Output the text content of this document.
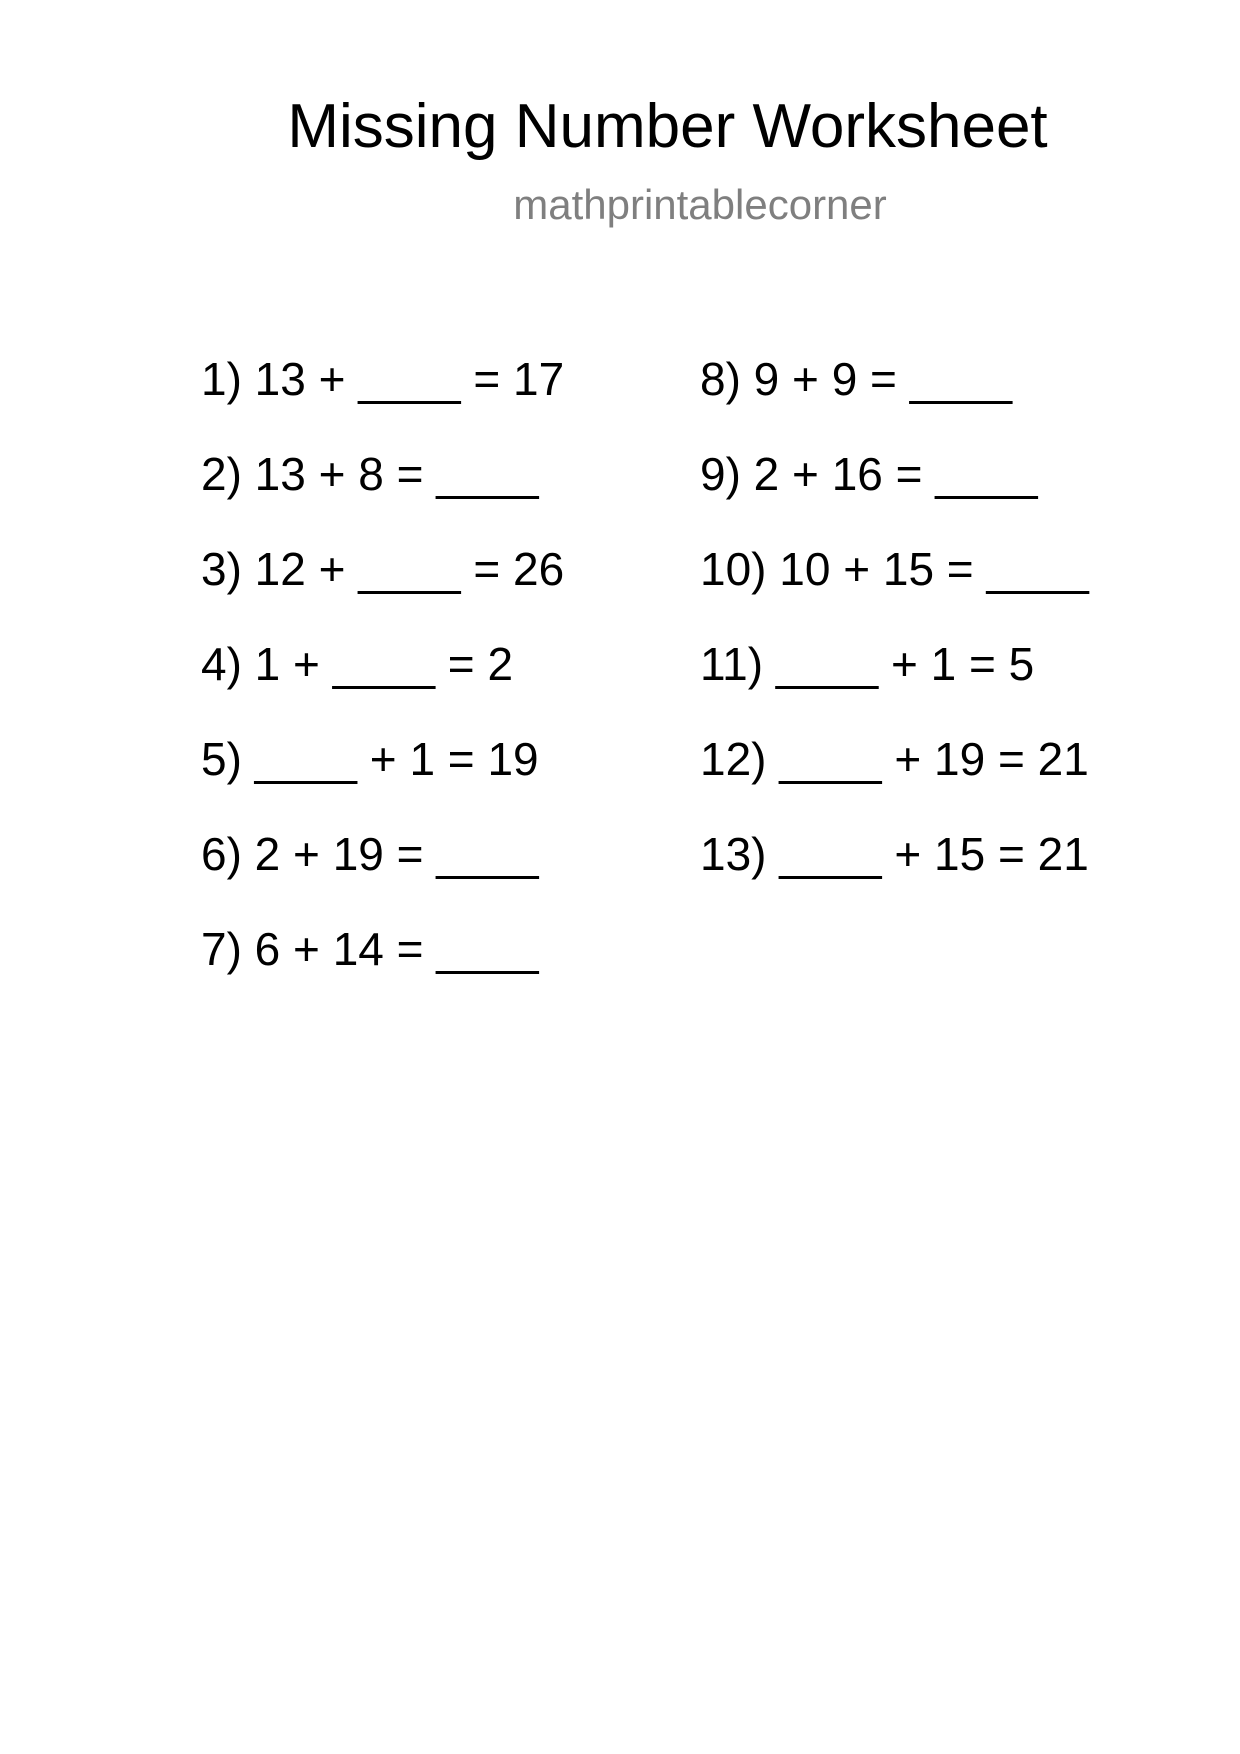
Missing Number Worksheet
mathprintablecorner
1) 13 + ____ = 17
2) 13 + 8 = ____
3) 12 + ____ = 26
4) 1 + ____ = 2
5) ____ + 1 = 19
6) 2 + 19 = ____
7) 6 + 14 = ____
8) 9 + 9 = ____
9) 2 + 16 = ____
10) 10 + 15 = ____
11) ____ + 1 = 5
12) ____ + 19 = 21
13) ____ + 15 = 21
